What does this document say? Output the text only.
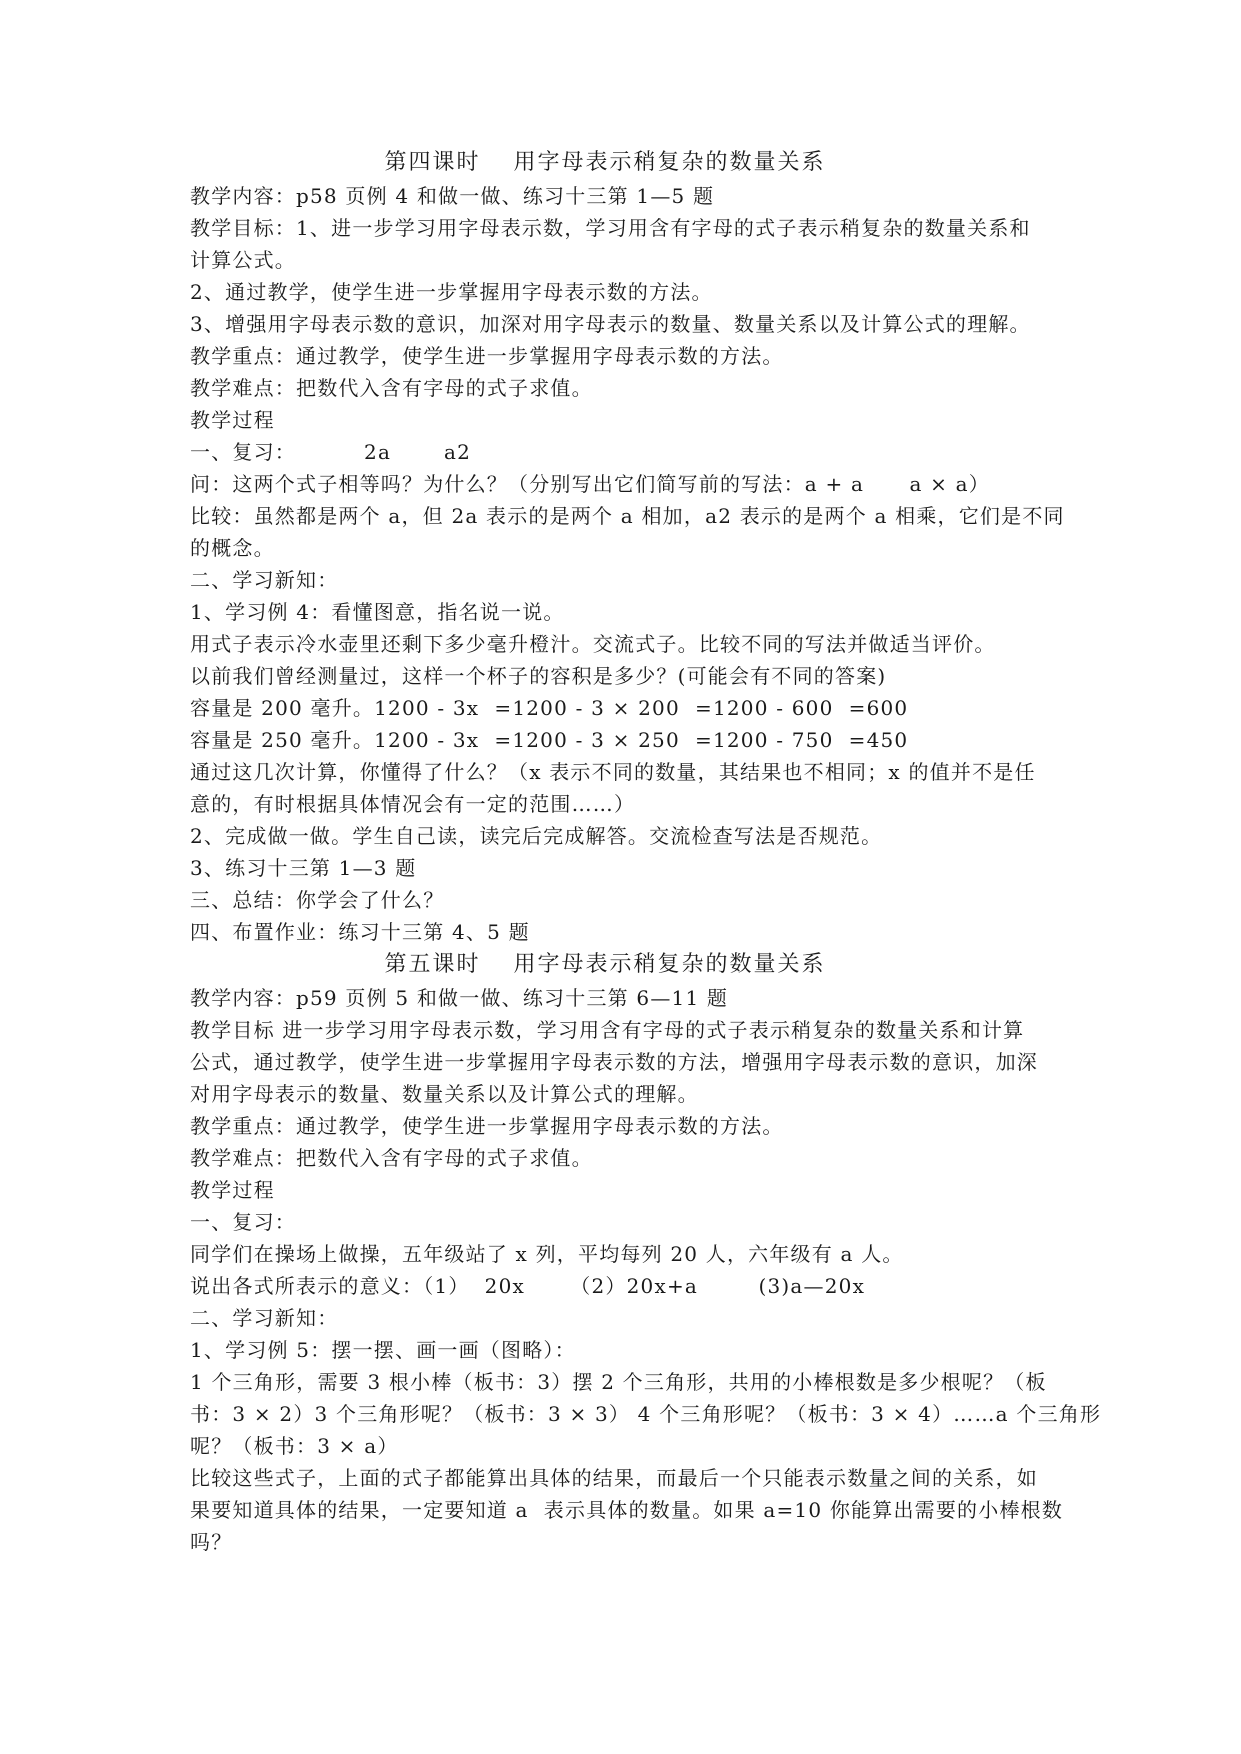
第四课时　 用字母表示稍复杂的数量关系
教学内容：p58 页例 4 和做一做、练习十三第 1—5 题
教学目标：1、进一步学习用字母表示数，学习用含有字母的式子表示稍复杂的数量关系和
计算公式。
2、通过教学，使学生进一步掌握用字母表示数的方法。
3、增强用字母表示数的意识，加深对用字母表示的数量、数量关系以及计算公式的理解。
教学重点：通过教学，使学生进一步掌握用字母表示数的方法。
教学难点：把数代入含有字母的式子求值。
教学过程
一、复习：         2a       a2
问：这两个式子相等吗？为什么？（分别写出它们简写前的写法：a + a      a × a）
比较：虽然都是两个 a，但 2a 表示的是两个 a 相加，a2 表示的是两个 a 相乘，它们是不同
的概念。
二、学习新知：
1、学习例 4：看懂图意，指名说一说。
用式子表示冷水壶里还剩下多少毫升橙汁。交流式子。比较不同的写法并做适当评价。
以前我们曾经测量过，这样一个杯子的容积是多少？(可能会有不同的答案)
容量是 200 毫升。1200 - 3x  =1200 - 3 × 200  =1200 - 600  =600
容量是 250 毫升。1200 - 3x  =1200 - 3 × 250  =1200 - 750  =450
通过这几次计算，你懂得了什么？（x 表示不同的数量，其结果也不相同；x 的值并不是任
意的，有时根据具体情况会有一定的范围……）
2、完成做一做。学生自己读，读完后完成解答。交流检查写法是否规范。
3、练习十三第 1—3 题
三、总结：你学会了什么？
四、布置作业：练习十三第 4、5 题
第五课时　 用字母表示稍复杂的数量关系
教学内容：p59 页例 5 和做一做、练习十三第 6—11 题
教学目标 进一步学习用字母表示数，学习用含有字母的式子表示稍复杂的数量关系和计算
公式，通过教学，使学生进一步掌握用字母表示数的方法，增强用字母表示数的意识，加深
对用字母表示的数量、数量关系以及计算公式的理解。
教学重点：通过教学，使学生进一步掌握用字母表示数的方法。
教学难点：把数代入含有字母的式子求值。
教学过程
一、复习：
同学们在操场上做操，五年级站了 x 列，平均每列 20 人，六年级有 a 人。
说出各式所表示的意义：（1）  20x      （2）20x+a        (3)a—20x
二、学习新知：
1、学习例 5：摆一摆、画一画（图略）：
1 个三角形，需要 3 根小棒（板书：3）摆 2 个三角形，共用的小棒根数是多少根呢？（板
书：3 × 2）3 个三角形呢？（板书：3 × 3） 4 个三角形呢？（板书：3 × 4）……a 个三角形
呢？（板书：3 × a）
比较这些式子，上面的式子都能算出具体的结果，而最后一个只能表示数量之间的关系，如
果要知道具体的结果，一定要知道 a  表示具体的数量。如果 a=10 你能算出需要的小棒根数
吗？
